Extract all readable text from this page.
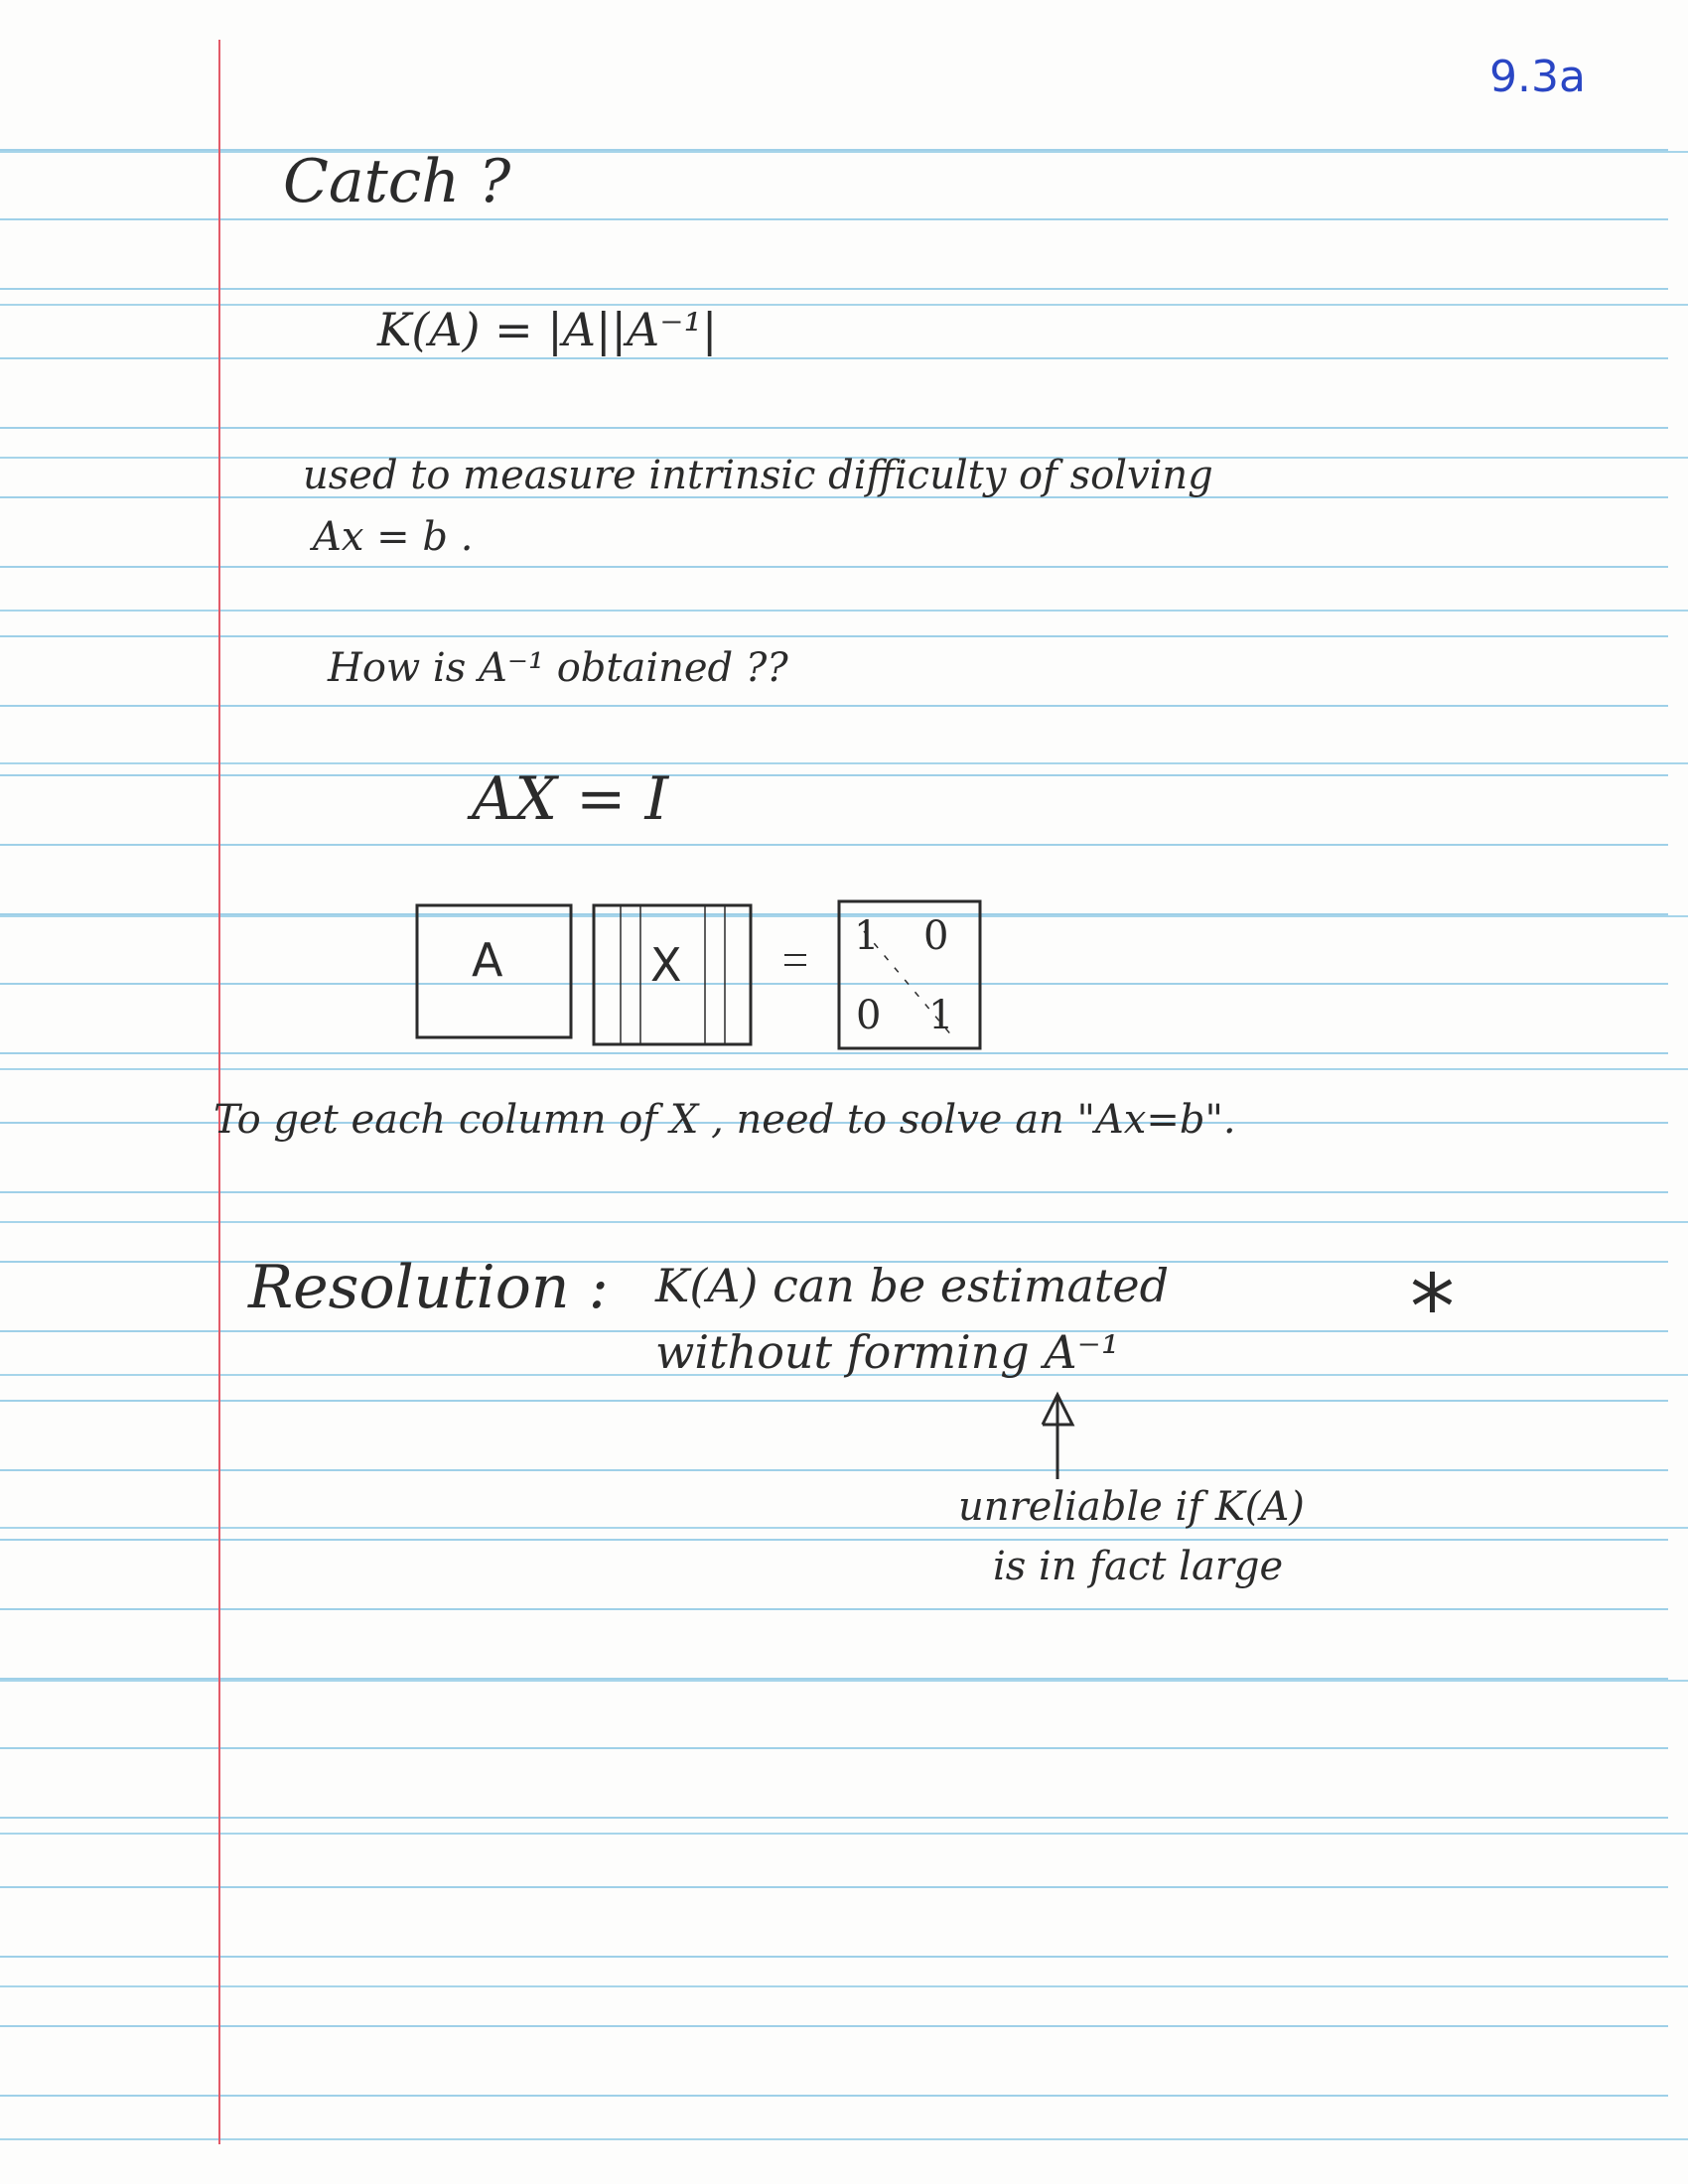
9.3a
Catch ?
K(A) = |A||A⁻¹|
used to measure intrinsic difficulty of solving
Ax = b .
How is A⁻¹ obtained ??
AX = I
A	X
1 0
0 1
To get each column of X , need to solve an "Ax=b".
Resolution : K(A) can be estimated
without forming A⁻¹	*
unreliable if K(A)
is in fact large
